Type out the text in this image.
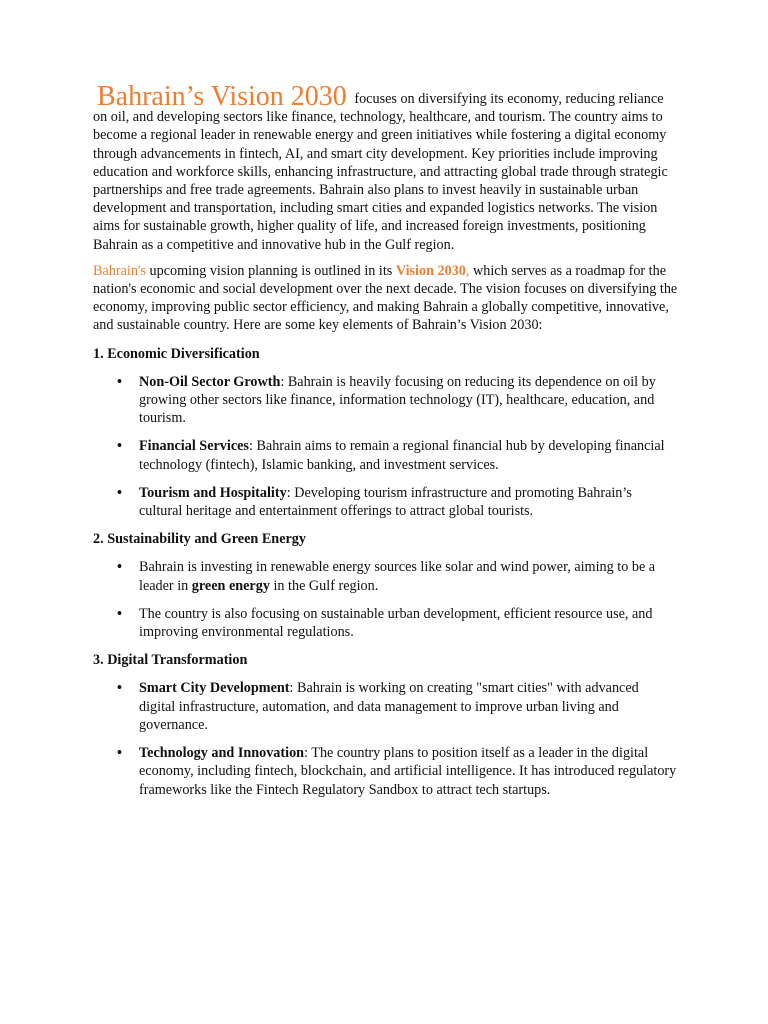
Bahrain’s Vision 2030 focuses on diversifying its economy, reducing reliance on oil, and developing sectors like finance, technology, healthcare, and tourism. The country aims to become a regional leader in renewable energy and green initiatives while fostering a digital economy through advancements in fintech, AI, and smart city development. Key priorities include improving education and workforce skills, enhancing infrastructure, and attracting global trade through strategic partnerships and free trade agreements. Bahrain also plans to invest heavily in sustainable urban development and transportation, including smart cities and expanded logistics networks. The vision aims for sustainable growth, higher quality of life, and increased foreign investments, positioning Bahrain as a competitive and innovative hub in the Gulf region.

Bahrain's upcoming vision planning is outlined in its Vision 2030, which serves as a roadmap for the nation's economic and social development over the next decade. The vision focuses on diversifying the economy, improving public sector efficiency, and making Bahrain a globally competitive, innovative, and sustainable country. Here are some key elements of Bahrain’s Vision 2030:

1. Economic Diversification

• Non-Oil Sector Growth: Bahrain is heavily focusing on reducing its dependence on oil by growing other sectors like finance, information technology (IT), healthcare, education, and tourism.
• Financial Services: Bahrain aims to remain a regional financial hub by developing financial technology (fintech), Islamic banking, and investment services.
• Tourism and Hospitality: Developing tourism infrastructure and promoting Bahrain’s cultural heritage and entertainment offerings to attract global tourists.

2. Sustainability and Green Energy

• Bahrain is investing in renewable energy sources like solar and wind power, aiming to be a leader in green energy in the Gulf region.
• The country is also focusing on sustainable urban development, efficient resource use, and improving environmental regulations.

3. Digital Transformation

• Smart City Development: Bahrain is working on creating "smart cities" with advanced digital infrastructure, automation, and data management to improve urban living and governance.
• Technology and Innovation: The country plans to position itself as a leader in the digital economy, including fintech, blockchain, and artificial intelligence. It has introduced regulatory frameworks like the Fintech Regulatory Sandbox to attract tech startups.
